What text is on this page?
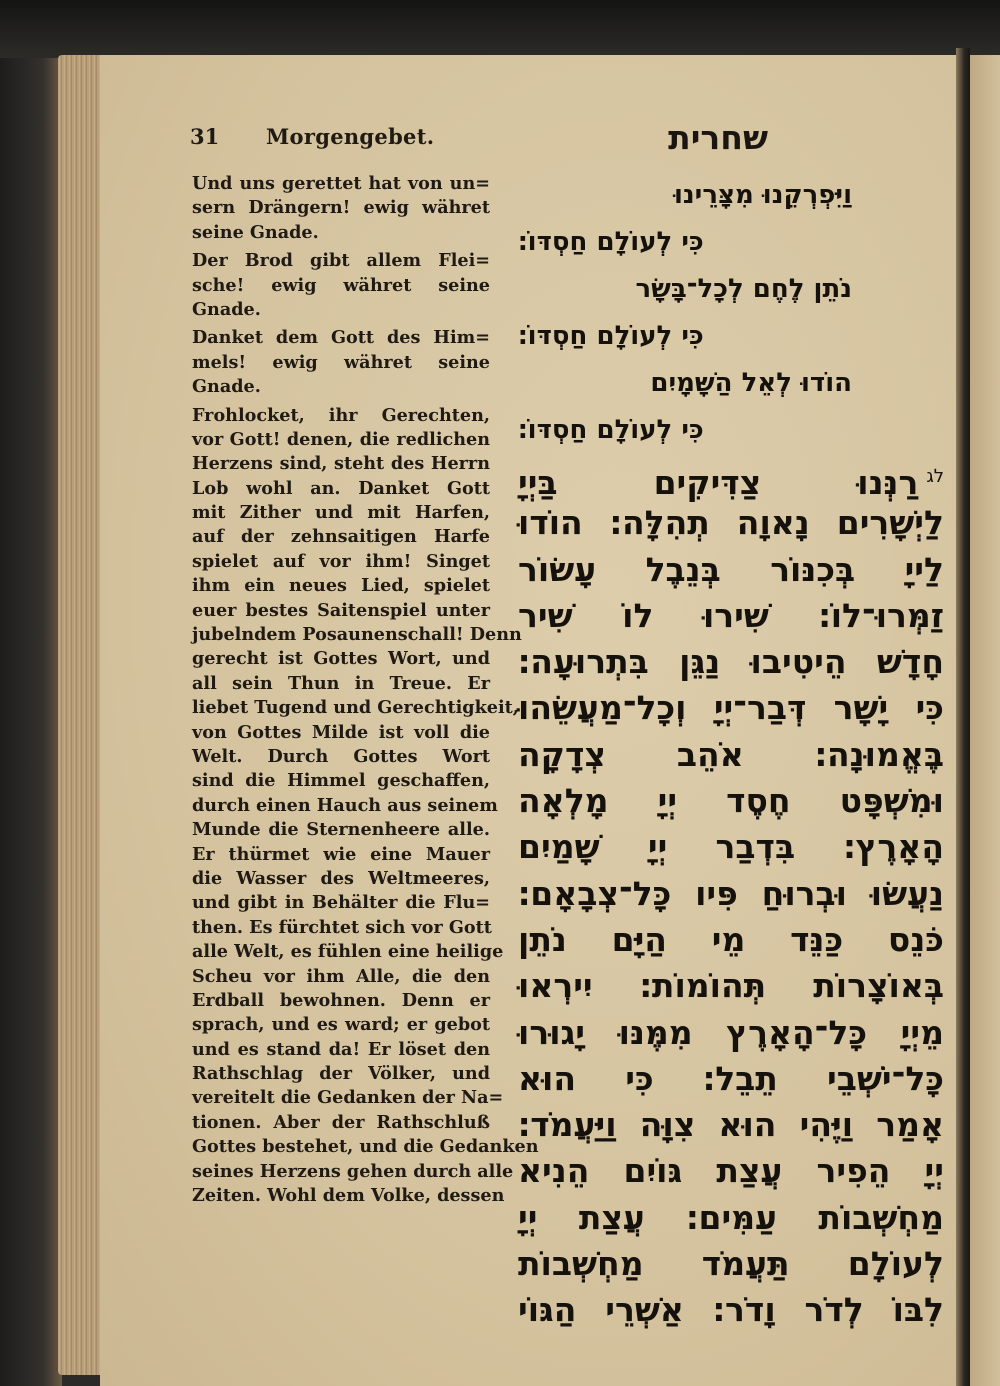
31 Morgengebet.	שחרית
Und uns gerettet hat von un=
sern Drängern! ewig währet
seine Gnade.
Der Brod gibt allem Flei=
sche! ewig währet seine
Gnade.
Danket dem Gott des Him=
mels! ewig währet seine
Gnade.
Frohlocket, ihr Gerechten,
vor Gott! denen, die redlichen
Herzens sind, steht des Herrn
Lob wohl an. Danket Gott
mit Zither und mit Harfen,
auf der zehnsaitigen Harfe
spielet auf vor ihm! Singet
ihm ein neues Lied, spielet
euer bestes Saitenspiel unter
jubelndem Posaunenschall! Denn
gerecht ist Gottes Wort, und
all sein Thun in Treue. Er
liebet Tugend und Gerechtigkeit,
von Gottes Milde ist voll die
Welt. Durch Gottes Wort
sind die Himmel geschaffen,
durch einen Hauch aus seinem
Munde die Sternenheere alle.
Er thürmet wie eine Mauer
die Wasser des Weltmeeres,
und gibt in Behälter die Flu=
then. Es fürchtet sich vor Gott
alle Welt, es fühlen eine heilige
Scheu vor ihm Alle, die den
Erdball bewohnen. Denn er
sprach, und es ward; er gebot
und es stand da! Er löset den
Rathschlag der Völker, und
vereitelt die Gedanken der Na=
tionen. Aber der Rathschluß
Gottes bestehet, und die Gedanken
seines Herzens gehen durch alle
Zeiten. Wohl dem Volke, dessen
וַיִּפְרְקֵנוּ מִצָּרֵינוּ
כִּי לְעוֹלָם חַסְדּוֹ׃
נֹתֵן לֶחֶם לְכָל־בָּשָׂר
כִּי לְעוֹלָם חַסְדּוֹ׃
הוֹדוּ לְאֵל הַשָּׁמָיִם
כִּי לְעוֹלָם חַסְדּוֹ׃
$^{לג}$רַנְּנוּ צַדִּיקִים בַּיְיָ
לַיְשָׁרִים נָאוָה תְהִלָּה׃ הוֹדוּ
לַייָ בְּכִנּוֹר בְּנֵבֶל עָשׂוֹר
זַמְּרוּ־לוֹ׃ שִׁירוּ לוֹ שִׁיר
חָדָשׁ הֵיטִיבוּ נַגֵּן בִּתְרוּעָה׃
כִּי יָשָׁר דְּבַר־יְיָ וְכָל־מַעֲשֵׂהוּ
בֶּאֱמוּנָה׃ אֹהֵב צְדָקָה
וּמִשְׁפָּט חֶסֶד יְיָ מָלְאָה
הָאָרֶץ׃ בִּדְבַר יְיָ שָׁמַיִם
נַעֲשׂוּ וּבְרוּחַ פִּיו כָּל־צְבָאָם׃
כֹּנֵס כַּנֵּד מֵי הַיָּם נֹתֵן
בְּאוֹצָרוֹת תְּהוֹמוֹת׃ יִירְאוּ
מֵיְיָ כָּל־הָאָרֶץ מִמֶּנּוּ יָגוּרוּ
כָּל־יֹשְׁבֵי תֵבֵל׃ כִּי הוּא
אָמַר וַיֶּהִי הוּא צִוָּה וַיַּעֲמֹד׃
יְיָ הֵפִיר עֲצַת גּוֹיִם הֵנִיא
מַחְשְׁבוֹת עַמִּים׃ עֲצַת יְיָ
לְעוֹלָם תַּעֲמֹד מַחְשְׁבוֹת
לִבּוֹ לְדֹר וָדֹר׃ אַשְׁרֵי הַגּוֹי
